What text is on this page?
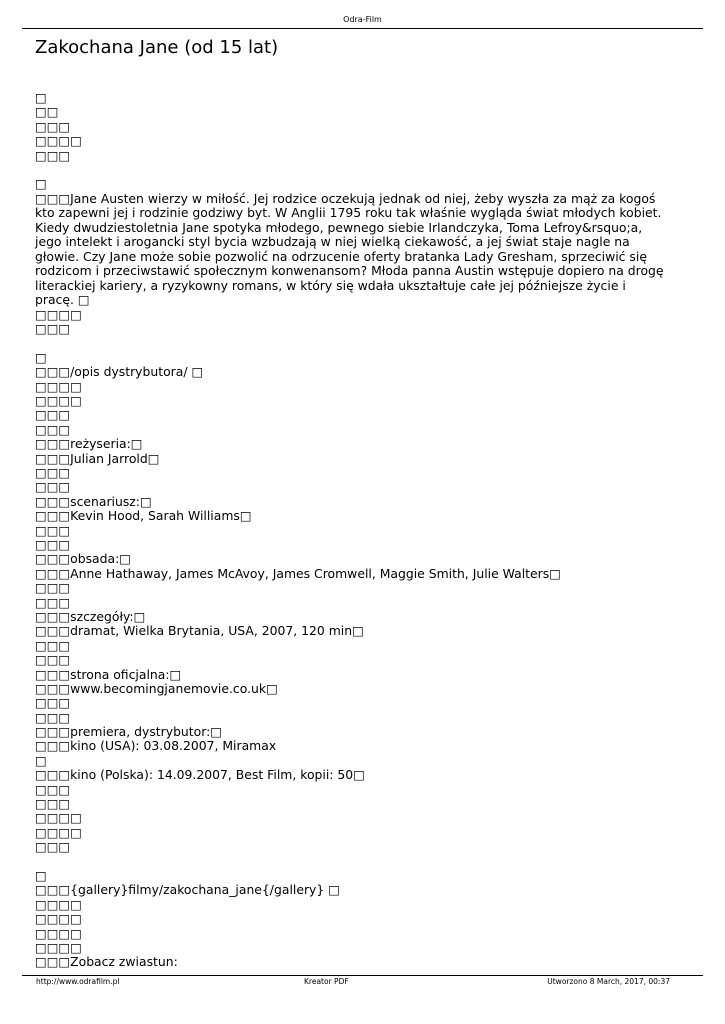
Odra-Film
Zakochana Jane (od 15 lat)
□
□□
□□□
□□□□
□□□
□

□□□Jane Austen wierzy w miłość. Jej rodzice oczekują jednak od niej, żeby wyszła za mąż za kogoś kto zapewni jej i rodzinie godziwy byt. W Anglii 1795 roku tak właśnie wygląda świat młodych kobiet. Kiedy dwudziestoletnia Jane spotyka młodego, pewnego siebie Irlandczyka, Toma Lefroy&rsquo;a, jego intelekt i arogancki styl bycia wzbudzają w niej wielką ciekawość, a jej świat staje nagle na głowie. Czy Jane może sobie pozwolić na odrzucenie oferty bratanka Lady Gresham, sprzeciwić się rodzicom i przeciwstawić społecznym konwenansom? Młoda panna Austin wstępuje dopiero na drogę literackiej kariery, a ryzykowny romans, w który się wdała ukształtuje całe jej późniejsze życie i pracę. □

□□□□
□□□
□
□□□/opis dystrybutora/ □
□□□□
□□□□
□□□
□□□
□□□reżyseria:□
□□□Julian Jarrold□
□□□
□□□
□□□scenariusz:□
□□□Kevin Hood, Sarah Williams□
□□□
□□□
□□□obsada:□
□□□Anne Hathaway, James McAvoy, James Cromwell, Maggie Smith, Julie Walters□
□□□
□□□
□□□szczegóły:□
□□□dramat, Wielka Brytania, USA, 2007, 120 min□
□□□
□□□
□□□strona oficjalna:□
□□□www.becomingjanemovie.co.uk□
□□□
□□□
□□□premiera, dystrybutor:□
□□□kino (USA): 03.08.2007, Miramax
□
□□□kino (Polska): 14.09.2007, Best Film, kopii: 50□
□□□
□□□
□□□□
□□□□
□□□
□
□□□{gallery}filmy/zakochana_jane{/gallery} □
□□□□
□□□□
□□□□
□□□□
□□□Zobacz zwiastun:
http://www.odrafilm.pl	Kreator PDF	Utworzono 8 March, 2017, 00:37
